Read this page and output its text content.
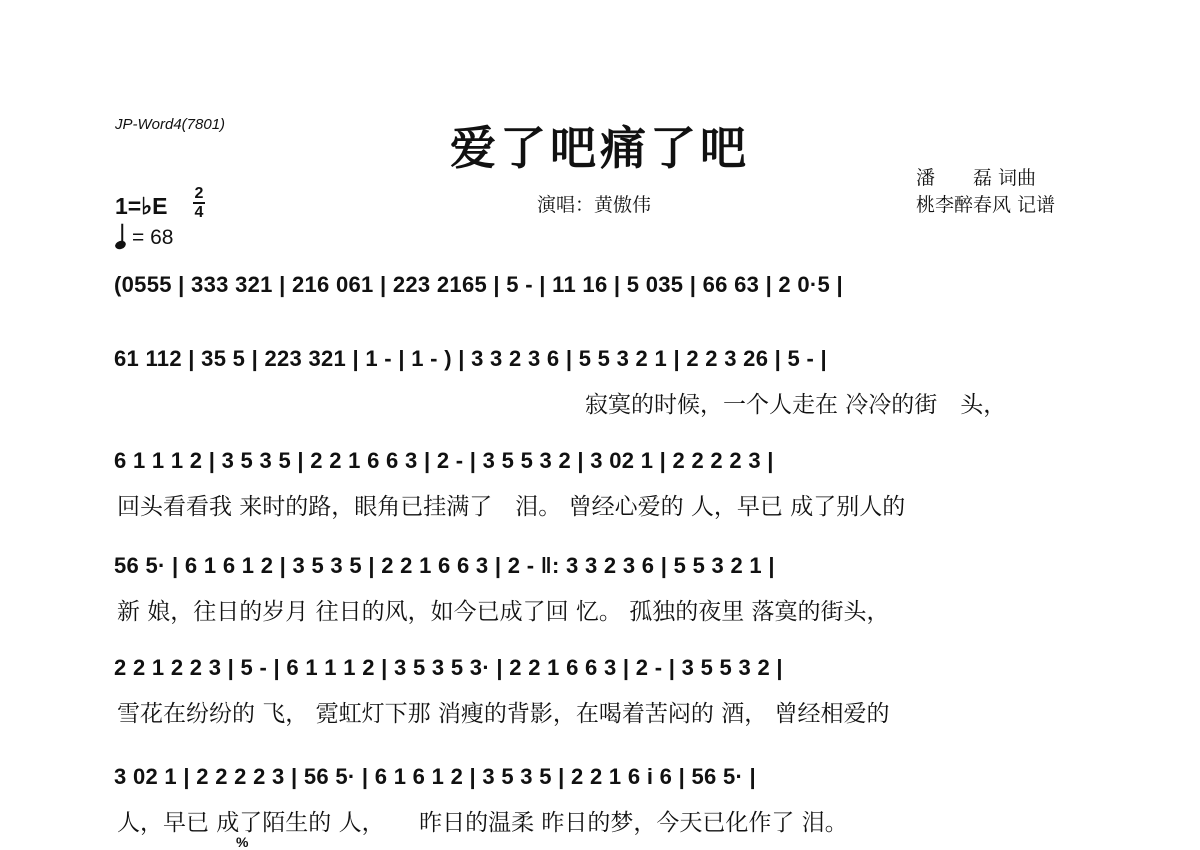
JP-Word4(7801)	爱了吧痛了吧
演唱：黄傲伟
潘　　磊 词曲
桃李醉春风 记谱
1=♭E 2
4
= 68
(0555 | 333 321 | 216 061 | 223 2165 | 5 - | 11 16 | 5 035 | 66 63 | 2 0·5 |
61 112 | 35 5 | 223 321 | 1 - | 1 - ) | 3 3 2 3 6 | 5 5 3 2 1 | 2 2 3 26 | 5 - |
寂寞的时候，一个人走在 冷冷的街　头，
6 1 1 1 2 | 3 5 3 5 | 2 2 1 6 6 3 | 2 - | 3 5 5 3 2 | 3 02 1 | 2 2 2 2 3 |
回头看看我 来时的路，眼角已挂满了　泪。 曾经心爱的 人，早已 成了别人的
56 5· | 6 1 6 1 2 | 3 5 3 5 | 2 2 1 6 6 3 | 2 - ‖: 3 3 2 3 6 | 5 5 3 2 1 |
新 娘，往日的岁月 往日的风，如今已成了回 忆。 孤独的夜里 落寞的街头，
2 2 1 2 2 3 | 5 - | 6 1 1 1 2 | 3 5 3 5 3· | 2 2 1 6 6 3 | 2 - | 3 5 5 3 2 |
雪花在纷纷的 飞， 霓虹灯下那 消瘦的背影，在喝着苦闷的 酒， 曾经相爱的
3 02 1 | 2 2 2 2 3 | 56 5· | 6 1 6 1 2 | 3 5 3 5 | 2 2 1 6 i 6 | 56 5· |
人，早已 成了陌生的 人，　　昨日的温柔 昨日的梦，今天已化作了 泪。
%
